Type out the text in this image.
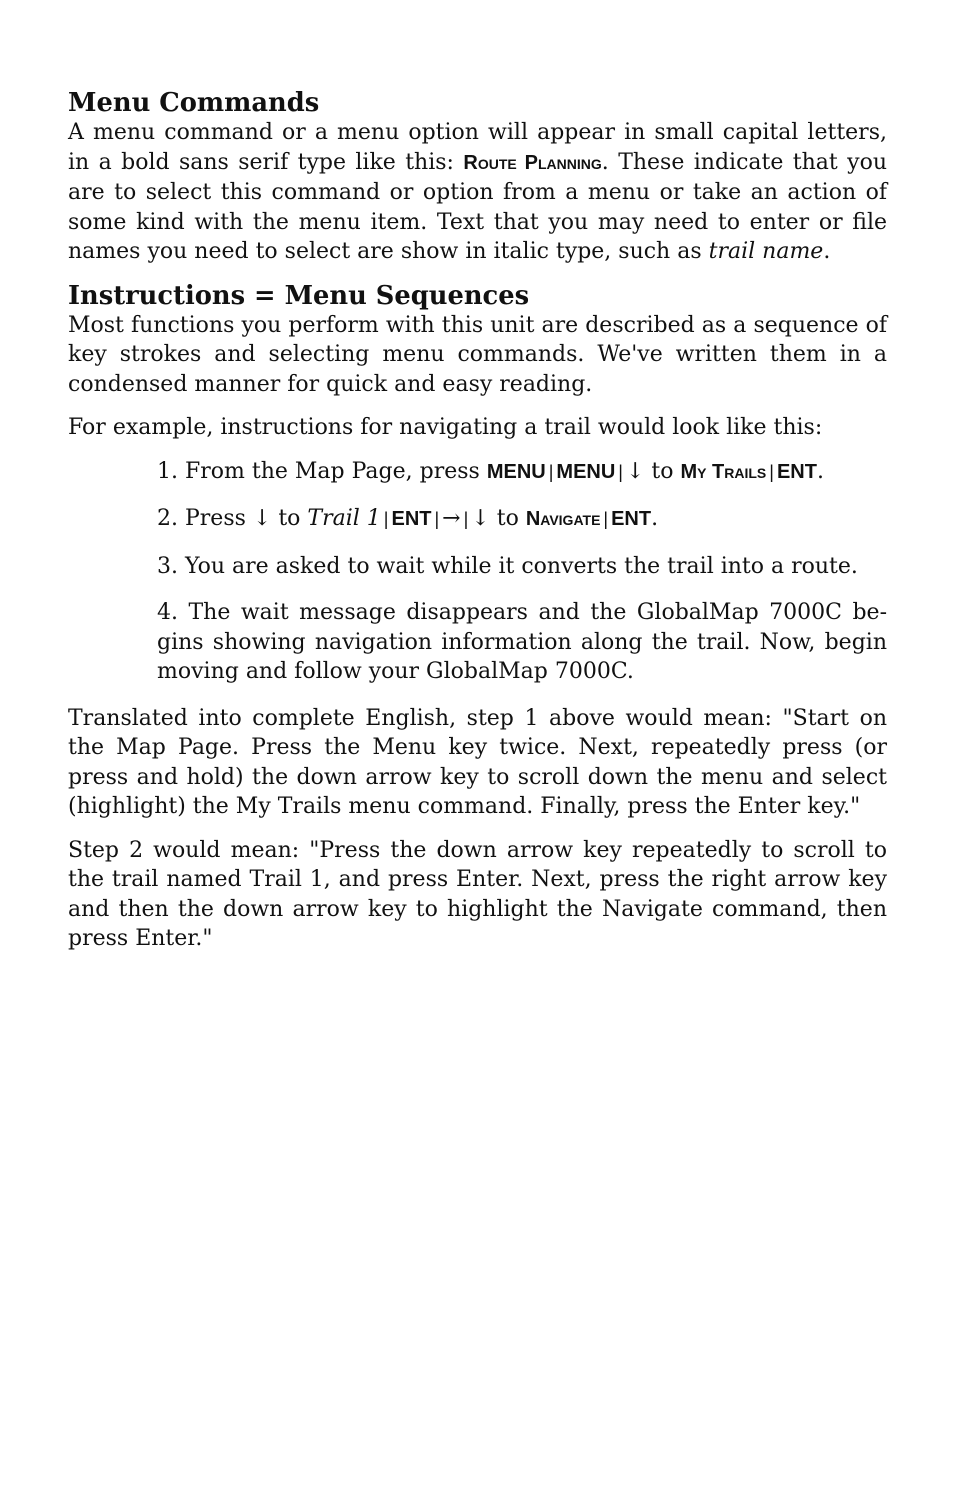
Menu Commands

A menu command or a menu option will appear in small capital letters, in a bold sans serif type like this: Route Planning. These indicate that you are to select this command or option from a menu or take an action of some kind with the menu item. Text that you may need to enter or file names you need to select are show in italic type, such as trail name.

Instructions = Menu Sequences

Most functions you perform with this unit are described as a sequence of key strokes and selecting menu commands. We've written them in a condensed manner for quick and easy reading.

For example, instructions for navigating a trail would look like this:

1. From the Map Page, press MENU | MENU | ↓ to My Trails | ENT.

2. Press ↓ to Trail 1 | ENT | → | ↓ to Navigate | ENT.

3. You are asked to wait while it converts the trail into a route.

4. The wait message disappears and the GlobalMap 7000C be-gins showing navigation information along the trail. Now, begin moving and follow your GlobalMap 7000C.

Translated into complete English, step 1 above would mean: "Start on the Map Page. Press the Menu key twice. Next, repeatedly press (or press and hold) the down arrow key to scroll down the menu and select (highlight) the My Trails menu command. Finally, press the Enter key."

Step 2 would mean: "Press the down arrow key repeatedly to scroll to the trail named Trail 1, and press Enter. Next, press the right arrow key and then the down arrow key to highlight the Navigate command, then press Enter."
